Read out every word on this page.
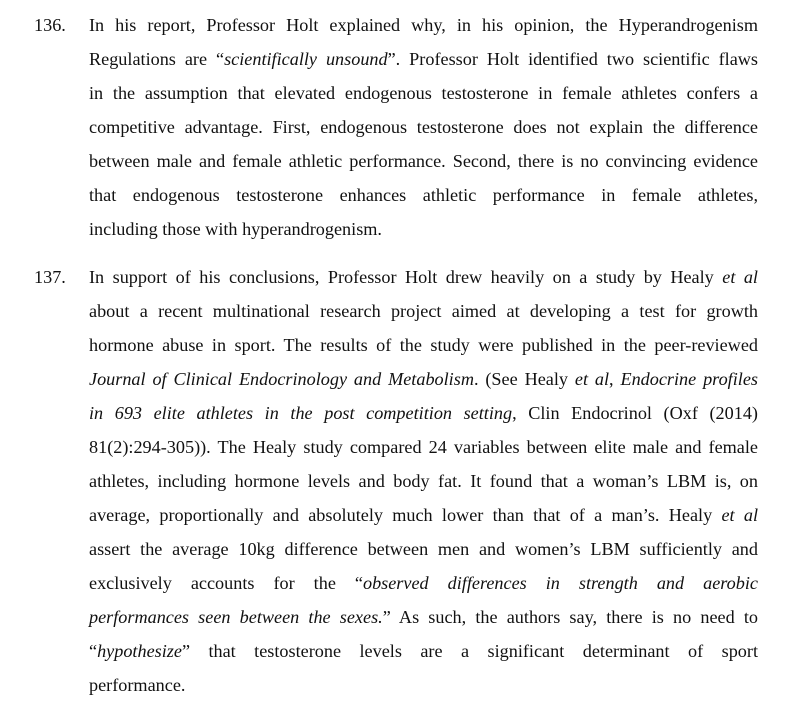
136. In his report, Professor Holt explained why, in his opinion, the Hyperandrogenism
Regulations are “scientifically unsound”. Professor Holt identified two scientific flaws
in the assumption that elevated endogenous testosterone in female athletes confers a
competitive advantage. First, endogenous testosterone does not explain the difference
between male and female athletic performance. Second, there is no convincing evidence
that endogenous testosterone enhances athletic performance in female athletes,
including those with hyperandrogenism.
137. In support of his conclusions, Professor Holt drew heavily on a study by Healy et al
about a recent multinational research project aimed at developing a test for growth
hormone abuse in sport. The results of the study were published in the peer-reviewed
Journal of Clinical Endocrinology and Metabolism. (See Healy et al, Endocrine profiles
in 693 elite athletes in the post competition setting, Clin Endocrinol (Oxf (2014)
81(2):294-305)). The Healy study compared 24 variables between elite male and female
athletes, including hormone levels and body fat. It found that a woman’s LBM is, on
average, proportionally and absolutely much lower than that of a man’s. Healy et al
assert the average 10kg difference between men and women’s LBM sufficiently and
exclusively accounts for the “observed differences in strength and aerobic
performances seen between the sexes.” As such, the authors say, there is no need to
“hypothesize” that testosterone levels are a significant determinant of sport
performance.
